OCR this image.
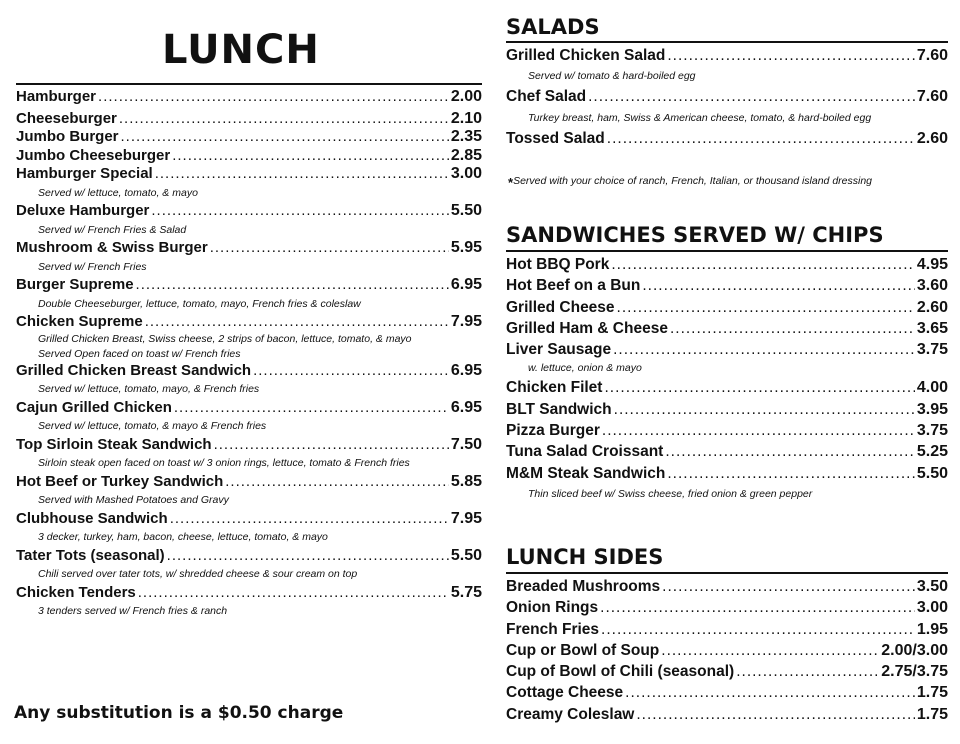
LUNCH
Hamburger .....	2.00
Cheeseburger .....	2.10
Jumbo Burger .....	2.35
Jumbo Cheeseburger .....	2.85
Hamburger Special .....	3.00
Served w/ lettuce, tomato, & mayo
Deluxe Hamburger .....	5.50
Served w/ French Fries & Salad
Mushroom & Swiss Burger .....	5.95
Served w/ French Fries
Burger Supreme .....	6.95
Double Cheeseburger, lettuce, tomato, mayo, French fries & coleslaw
Chicken Supreme .....	7.95
Grilled Chicken Breast, Swiss cheese, 2 strips of bacon, lettuce, tomato, & mayo
Served Open faced on toast w/ French fries
Grilled Chicken Breast Sandwich .....	6.95
Served w/ lettuce, tomato, mayo, & French fries
Cajun Grilled Chicken .....	6.95
Served w/ lettuce, tomato, & mayo & French fries
Top Sirloin Steak Sandwich .....	7.50
Sirloin steak open faced on toast w/ 3 onion rings, lettuce, tomato & French fries
Hot Beef or Turkey Sandwich .....	5.85
Served with Mashed Potatoes and Gravy
Clubhouse Sandwich .....	7.95
3 decker, turkey, ham, bacon, cheese, lettuce, tomato, & mayo
Tater Tots (seasonal) .....	5.50
Chili served over tater tots, w/ shredded cheese & sour cream on top
Chicken Tenders .....	5.75
3 tenders served w/ French fries & ranch

Any substitution is a $0.50 charge

SALADS
Grilled Chicken Salad .....	7.60
Served w/ tomato & hard-boiled egg
Chef Salad .....	7.60
Turkey breast, ham, Swiss & American cheese, tomato, & hard-boiled egg
Tossed Salad .....	2.60
*Served with your choice of ranch, French, Italian, or thousand island dressing
SANDWICHES SERVED W/ CHIPS
Hot BBQ Pork .....	4.95
Hot Beef on a Bun .....	3.60
Grilled Cheese .....	2.60
Grilled Ham & Cheese .....	3.65
Liver Sausage .....	3.75
w. lettuce, onion & mayo
Chicken Filet .....	4.00
BLT Sandwich .....	3.95
Pizza Burger .....	3.75
Tuna Salad Croissant .....	5.25
M&M Steak Sandwich .....	5.50
Thin sliced beef w/ Swiss cheese, fried onion & green pepper
LUNCH SIDES
Breaded Mushrooms .....	3.50
Onion Rings .....	3.00
French Fries .....	1.95
Cup or Bowl of Soup .....	2.00/3.00
Cup of Bowl of Chili (seasonal) .....	2.75/3.75
Cottage Cheese .....	1.75
Creamy Coleslaw .....	1.75
